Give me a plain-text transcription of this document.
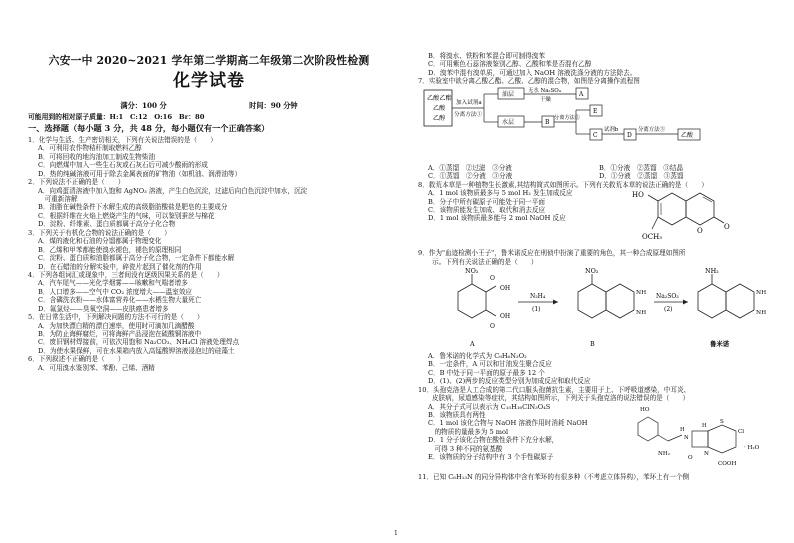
六安一中 2020~2021 学年第二学期高二年级第二次阶段性检测
化学试卷
满分：100 分	时间：90 分钟
可能用到的相对原子质量：H:1　C:12　O:16　Br：80
一、选择题（每小题 3 分，共 48 分，每小题仅有一个正确答案）
1．化学与生活、生产密切相关，下列有关说法错误的是（　　）
A．可利用农作物秸秆制取燃料乙醇
B．可将回收的地沟油加工制成生物柴油
C．向燃煤中加入一些生石灰或石灰石后可减少酸雨的形成
D．热的纯碱溶液可用于除去金属表面的矿物油（如机油、润滑油等）
2．下列说法不正确的是（　　）
A．向鸡蛋清溶液中加入饱和 AgNO₃ 溶液，产生白色沉淀，过滤后向白色沉淀中加水，沉淀
　可重新溶解
B．油脂在碱性条件下水解生成的高级脂肪酸盐是肥皂的主要成分
C．根据纤维在火焰上燃烧产生的气味，可以鉴别蚕丝与棉花
D．淀粉、纤维素、蛋白质都属于高分子化合物
3．下列关于有机化合物的说法正确的是（　　）
A．煤的液化和石油的分馏都属于物理变化
B．乙烯和甲苯都能使溴水褪色，褪色的原理相同
C．淀粉、蛋白质和油脂都属于高分子化合物，一定条件下都能水解
D．在石蜡油的分解实验中，碎瓷片起到了催化剂的作用
4．下列各组词汇或现象中，三者间没有逐级因果关系的是（　　）
A．汽车尾气——光化学烟雾——咳嗽和气喘者增多
B．人口增多——空气中 CO₂ 浓度增大——温室效应
C．含磷洗衣粉——水体富营养化——水栖生物大量死亡
D．氟氯烃——臭氧空洞——皮肤癌患者增多
5．在日常生活中，下列解决问题的方法不可行的是（　　）
A．为加快漂白精的漂白速率，使用时可滴加几滴醋酸
B．为防止海鲜腐烂，可将海鲜产品浸泡在硫酸铜溶液中
C．废旧钢材焊接前，可依次用饱和 Na₂CO₃、NH₄Cl 溶液处理焊点
D．为使水果保鲜，可在水果箱内放入高锰酸钾溶液浸泡过的硅藻土
6．下列叙述不正确的是（　　）
A．可用溴水鉴别苯、苯酚、己烯、酒精
B．将溴水、铁粉和苯混合即可制得溴苯
C．可用紫色石蕊溶液鉴别乙醇、乙酸和苯是否混有乙醇
D．溴苯中混有溴单质，可通过加入 NaOH 溶液洗涤分液的方法除去。
7．实验室中欲分离乙酸乙酯、乙酸、乙醇的混合物，如图是分离操作流程图
乙酸乙酯
乙酸
乙醇
加入试剂a
分离方法①
油层	无水 Na₂SO₄
干燥
A
水层	B
分离方法②
E
C
试剂b
D
分离方法③
乙酸
A．①蒸馏　②过滤　③分液	B．①分液　②蒸馏　③结晶
C．①蒸馏　②分液　③分液	D．①分液　②蒸馏　③蒸馏
8．救荒本草是一种植物生长激素,其结构简式如图所示。下列有关救荒本草的说法正确的是（　　）
A．1 mol 该物质最多与 5 mol H₂ 发生加成反应
B．分子中所有碳原子可能处于同一平面
C．该物质能发生加成、取代和消去反应
D．1 mol 该物质最多能与 2 mol NaOH 反应
HO
OCH₃
O	O
9．作为"血迹检测小王子"，鲁米诺反应在刑侦中扮演了重要的角色，其一种合成原理如图所
示。下列有关说法正确的是（　　）
NO₂
OH
O
OH
O
A
N₂H₄
(1)
NO₂
NH
NH
B
Na₂SO₃
(2)
NH₂
NH
NH
鲁米诺
A．鲁米诺的化学式为 C₈H₆N₃O₂
B．一定条件，A 可以和甘油发生聚合反应
C．B 中处于同一平面的原子最多 12 个
D．(1)、(2)两步的反应类型分别为加成反应和取代反应
10．头孢克洛是人工合成的第二代口服头孢菌抗生素，主要用于上、下呼吸道感染，中耳炎、
皮肤病，尿道感染等症状，其结构如图所示，下列关于头孢克洛的说法错误的是（　　）
A．其分子式可以表示为 C₁₅H₁₆ClN₃O₄S
B．该物质具有两性
C．1 mol 该化合物与 NaOH 溶液作用时消耗 NaOH
　的物质的量最多为 5 mol
D．1 分子该化合物在酸性条件下充分水解，
　可得 3 种不同的氨基酸
E．该物质的分子结构中有 3 个手性碳原子
HO
NH₂
H
N
S
Cl
N
O
H
COOH
· H₂O
11．已知 C₆H₁₃N 的同分异构体中含有苯环的有很多种（不考虑立体异构），苯环上有一个侧
1
